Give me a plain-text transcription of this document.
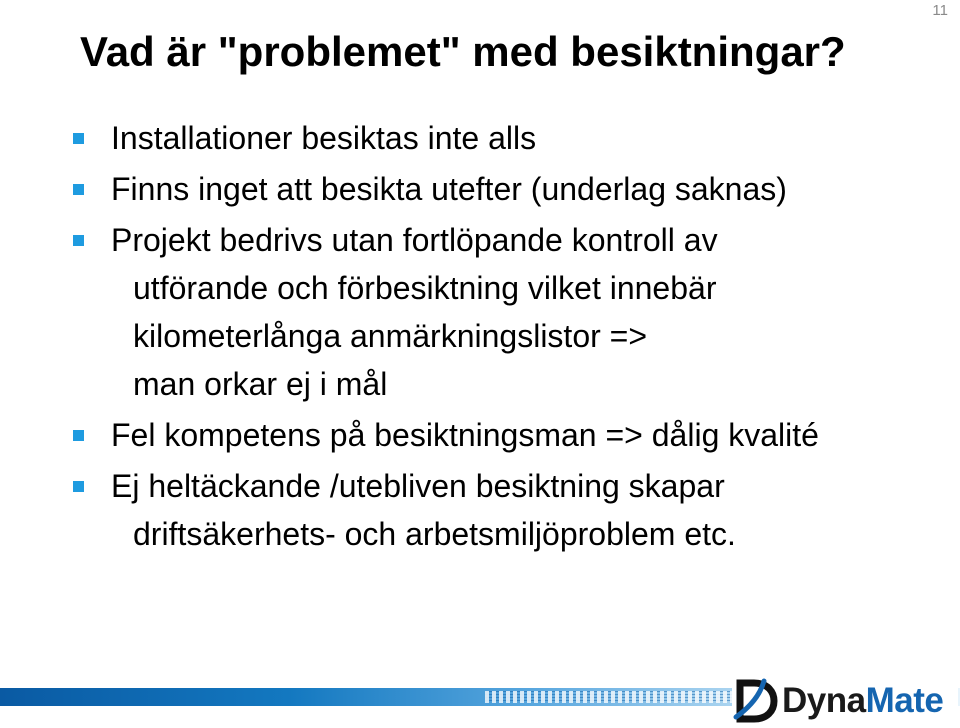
11
Vad är "problemet" med besiktningar?
Installationer besiktas inte alls
Finns inget att besikta utefter (underlag saknas)
Projekt bedrivs utan fortlöpande kontroll av
utförande och förbesiktning vilket innebär
kilometerlånga anmärkningslistor =>
man orkar ej i mål
Fel kompetens på besiktningsman => dålig kvalité
Ej heltäckande /utebliven besiktning skapar
driftsäkerhets- och arbetsmiljöproblem etc.
DynaMate
